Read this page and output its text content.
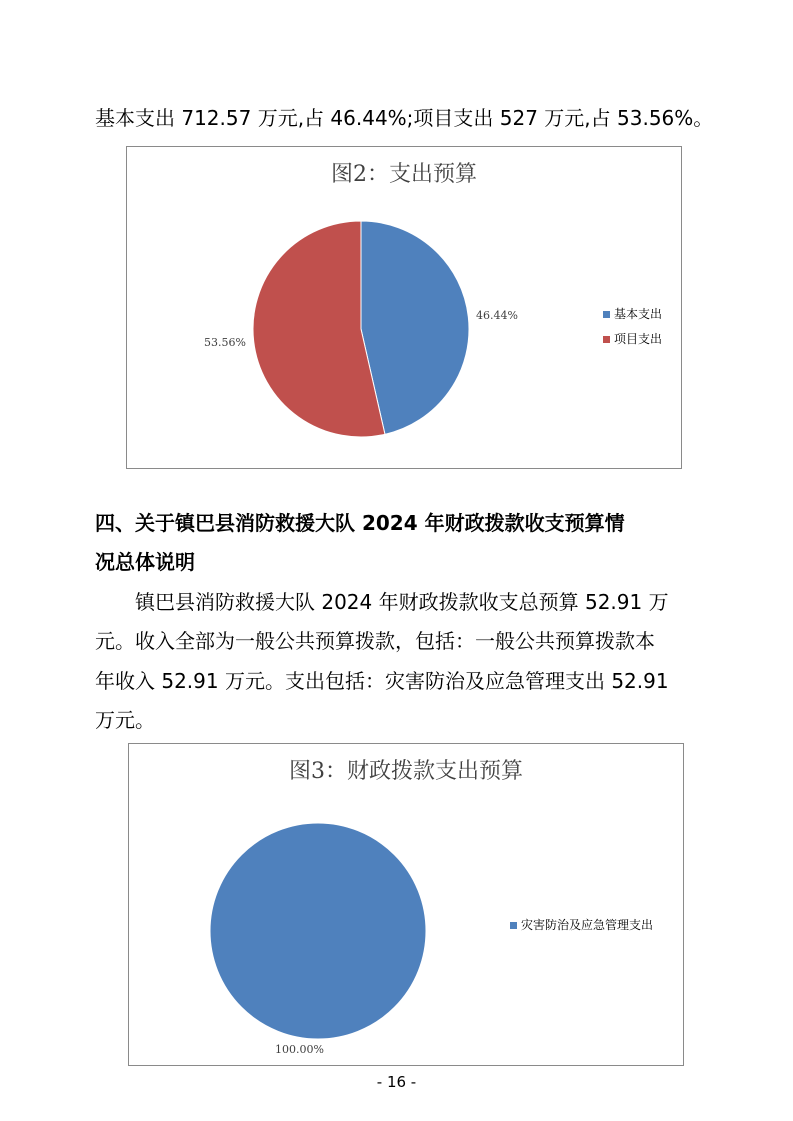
基本支出 712.57 万元,占 46.44%;项目支出 527 万元,占 53.56%。
图2：支出预算
46.44%
53.56%
基本支出
项目支出
四、关于镇巴县消防救援大队 2024 年财政拨款收支预算情
况总体说明
镇巴县消防救援大队 2024 年财政拨款收支总预算 52.91 万
元。收入全部为一般公共预算拨款，包括：一般公共预算拨款本
年收入 52.91 万元。支出包括：灾害防治及应急管理支出 52.91
万元。
图3：财政拨款支出预算
100.00%
灾害防治及应急管理支出
- 16 -
